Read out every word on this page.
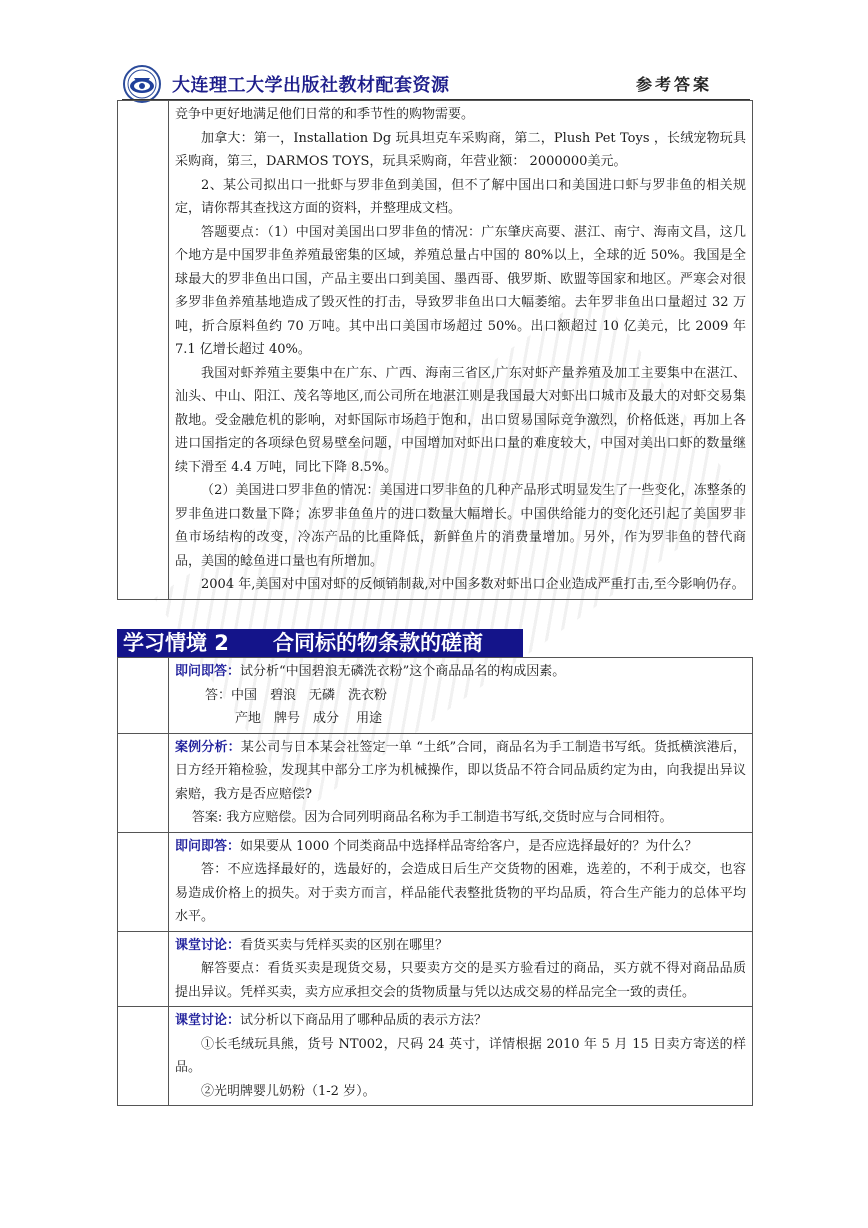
大连理工大学出版社教材配套资源	参考答案

竞争中更好地满足他们日常的和季节性的购物需要。

加拿大：第一，Installation Dg 玩具坦克车采购商，第二，Plush Pet Toys ，长绒宠物玩具采购商，第三，DARMOS TOYS，玩具采购商，年营业额： 2000000美元。

2、某公司拟出口一批虾与罗非鱼到美国，但不了解中国出口和美国进口虾与罗非鱼的相关规定，请你帮其查找这方面的资料，并整理成文档。

答题要点：（1）中国对美国出口罗非鱼的情况：广东肇庆高要、湛江、南宁、海南文昌，这几个地方是中国罗非鱼养殖最密集的区域，养殖总量占中国的 80%以上，全球的近 50%。我国是全球最大的罗非鱼出口国，产品主要出口到美国、墨西哥、俄罗斯、欧盟等国家和地区。严寒会对很多罗非鱼养殖基地造成了毁灭性的打击，导致罗非鱼出口大幅萎缩。去年罗非鱼出口量超过 32 万吨，折合原料鱼约 70 万吨。其中出口美国市场超过 50%。出口额超过 10 亿美元，比 2009 年 7.1 亿增长超过 40%。

我国对虾养殖主要集中在广东、广西、海南三省区,广东对虾产量养殖及加工主要集中在湛江、汕头、中山、阳江、茂名等地区,而公司所在地湛江则是我国最大对虾出口城市及最大的对虾交易集散地。受金融危机的影响，对虾国际市场趋于饱和，出口贸易国际竞争激烈，价格低迷，再加上各进口国指定的各项绿色贸易壁垒问题，中国增加对虾出口量的难度较大，中国对美出口虾的数量继续下滑至 4.4 万吨，同比下降 8.5%。

（2）美国进口罗非鱼的情况：美国进口罗非鱼的几种产品形式明显发生了一些变化，冻整条的罗非鱼进口数量下降；冻罗非鱼鱼片的进口数量大幅增长。中国供给能力的变化还引起了美国罗非鱼市场结构的改变，冷冻产品的比重降低，新鲜鱼片的消费量增加。另外，作为罗非鱼的替代商品，美国的鲶鱼进口量也有所增加。

2004 年,美国对中国对虾的反倾销制裁,对中国多数对虾出口企业造成严重打击,至今影响仍存。

学习情境 2 合同标的物条款的磋商

即问即答：试分析“中国碧浪无磷洗衣粉”这个商品品名的构成因素。

答：中国　碧浪　无磷　洗衣粉

产地　牌号　成分　 用途

案例分析：某公司与日本某会社签定一单 “土纸”合同，商品名为手工制造书写纸。货抵横滨港后，日方经开箱检验，发现其中部分工序为机械操作，即以货品不符合同品质约定为由，向我提出异议索赔，我方是否应赔偿?

答案: 我方应赔偿。因为合同列明商品名称为手工制造书写纸,交货时应与合同相符。

即问即答：如果要从 1000 个同类商品中选择样品寄给客户，是否应选择最好的？为什么？

答：不应选择最好的，选最好的，会造成日后生产交货物的困难，选差的，不利于成交，也容易造成价格上的损失。对于卖方而言，样品能代表整批货物的平均品质，符合生产能力的总体平均水平。

课堂讨论：看货买卖与凭样买卖的区别在哪里？

解答要点：看货买卖是现货交易，只要卖方交的是买方验看过的商品，买方就不得对商品品质提出异议。凭样买卖，卖方应承担交会的货物质量与凭以达成交易的样品完全一致的责任。

课堂讨论：试分析以下商品用了哪种品质的表示方法？

①长毛绒玩具熊，货号 NT002，尺码 24 英寸，详情根据 2010 年 5 月 15 日卖方寄送的样品。

②光明牌婴儿奶粉（1-2 岁）。
